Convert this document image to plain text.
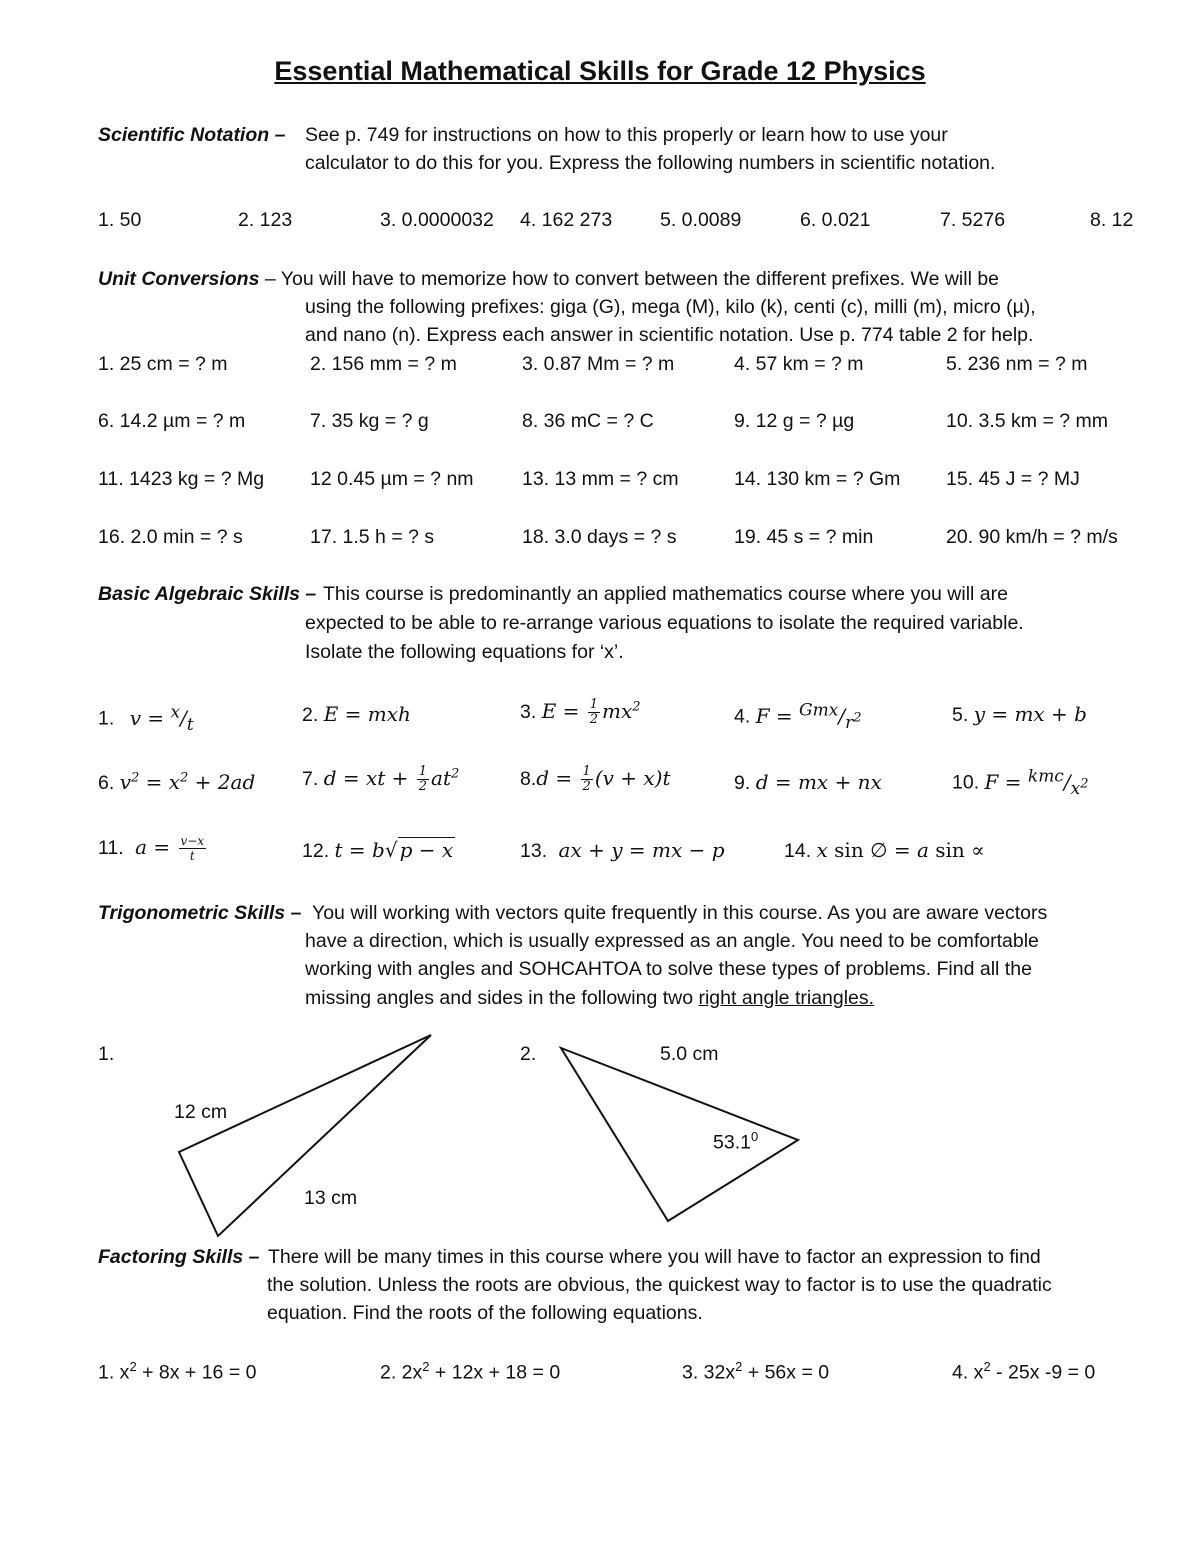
Essential Mathematical Skills for Grade 12 Physics
Scientific Notation – See p. 749 for instructions on how to this properly or learn how to use your
calculator to do this for you. Express the following numbers in scientific notation.
1. 50	2. 123	3. 0.0000032 4. 162 273 5. 0.0089	6. 0.021	7. 5276	8. 12
Unit Conversions – You will have to memorize how to convert between the different prefixes. We will be
using the following prefixes: giga (G), mega (M), kilo (k), centi (c), milli (m), micro (µ),
and nano (n). Express each answer in scientific notation. Use p. 774 table 2 for help.
1. 25 cm = ? m	2. 156 mm = ? m	3. 0.87 Mm = ? m	4. 57 km = ? m	5. 236 nm = ? m
6. 14.2 µm = ? m	7. 35 kg = ? g	8. 36 mC = ? C	9. 12 g = ? µg	10. 3.5 km = ? mm
11. 1423 kg = ? Mg 12 0.45 µm = ? nm 13. 13 mm = ? cm	14. 130 km = ? Gm 15. 45 J = ? MJ
16. 2.0 min = ? s	17. 1.5 h = ? s	18. 3.0 days = ? s	19. 45 s = ? min	20. 90 km/h = ? m/s
Basic Algebraic Skills – This course is predominantly an applied mathematics course where you will are
expected to be able to re-arrange various equations to isolate the required variable.
Isolate the following equations for ‘x’.
1. $v = ^x/_t$	2. E = mxh	3. $E = \frac{1}{2} mx^2$	4. $F = ^{Gmx}/_{r^2}$	5. y = mx + b
6. $v^2 = x^2 + 2ad$ 7. d = xt + $\frac{1}{2} at^2$	$8.d = \frac{1}{2} (v + x)t$	9. d = mx + nx	10. $F = ^{kmc}/_{x^2}$
11. $a = \frac{v-x}{t}$	12. t = b√ p − x	13. ax + y = mx − p	14. x sin ∅ = a sin ∝
Trigonometric Skills – You will working with vectors quite frequently in this course. As you are aware vectors
have a direction, which is usually expressed as an angle. You need to be comfortable
working with angles and SOHCAHTOA to solve these types of problems. Find all the
missing angles and sides in the following two right angle triangles.
1.
12 cm
13 cm
2.	5.0 cm
53.1$^0$
Factoring Skills – There will be many times in this course where you will have to factor an expression to find
the solution. Unless the roots are obvious, the quickest way to factor is to use the quadratic
equation. Find the roots of the following equations.
1. $x^2 + 8x + 16 = 0$	2. $2x^2 + 12x + 18 = 0$	3. $32x^2 + 56x = 0$	4. $x^2 - 25x$ -9 = 0
